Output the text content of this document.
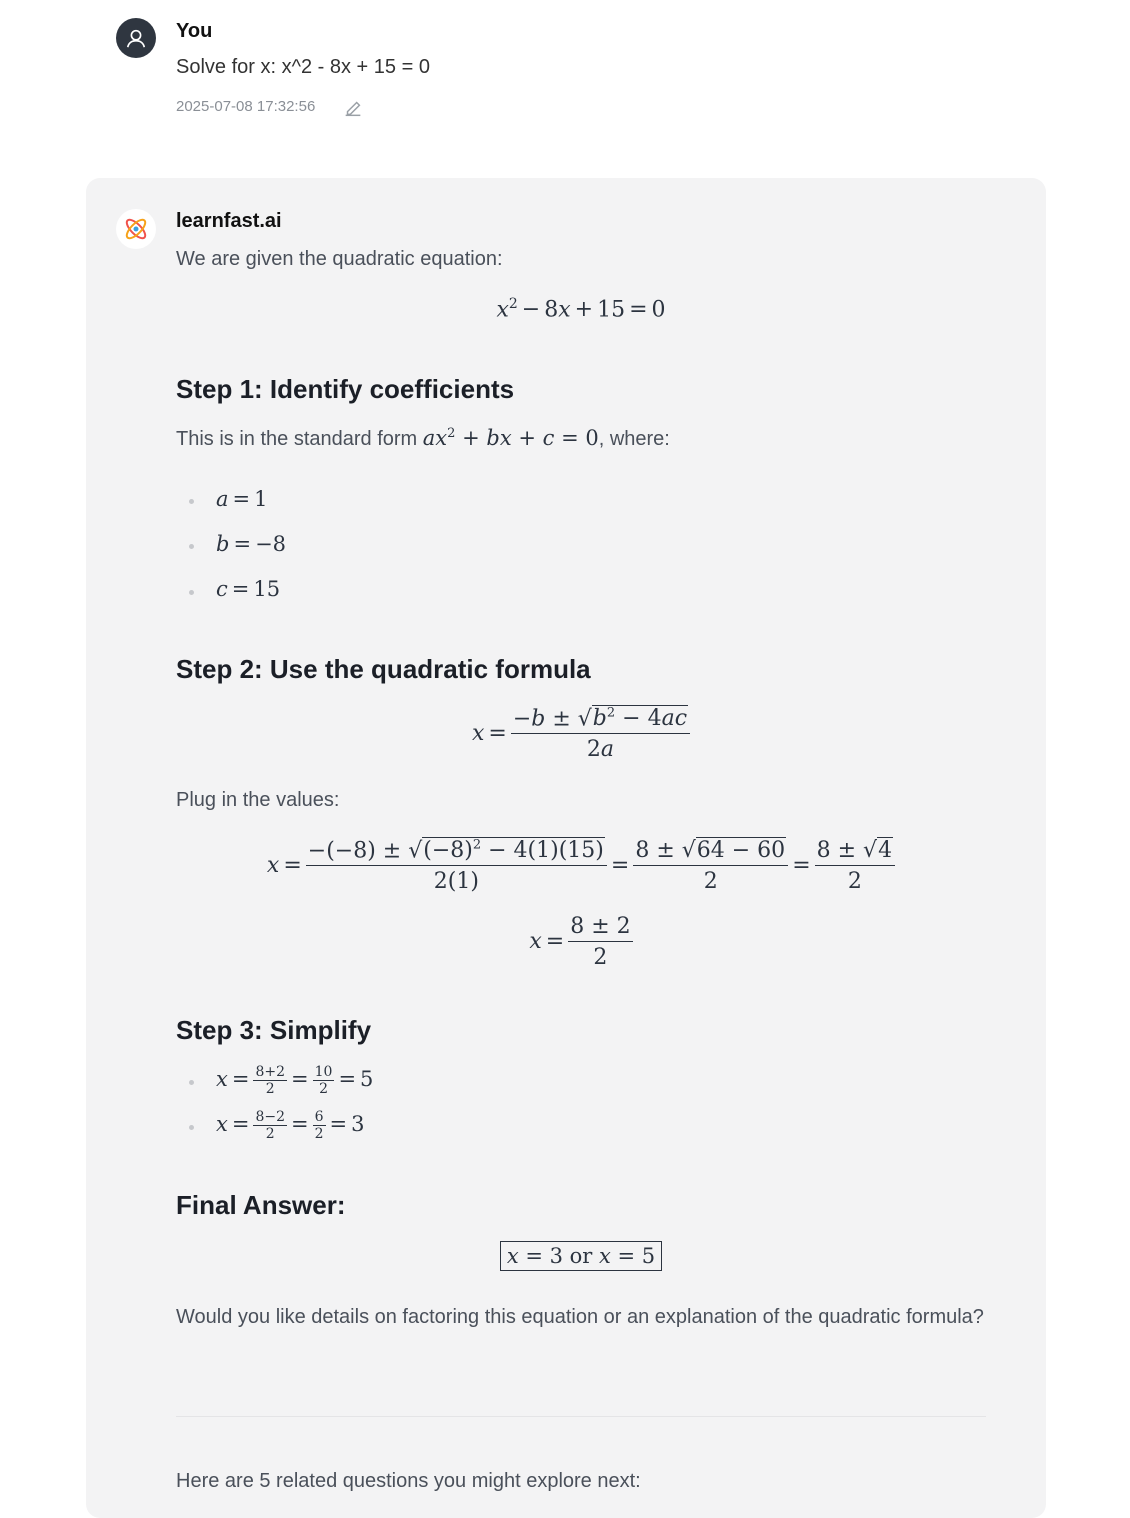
You
Solve for x: x^2 - 8x + 15 = 0
2025-07-08 17:32:56
learnfast.ai
We are given the quadratic equation:
$x^2 - 8x + 15 = 0$
Step 1: Identify coefficients
This is in the standard form $ax^2$ + bx + c = 0, where:
a = 1
b = −8
c = 15
Step 2: Use the quadratic formula
$x = \frac{-b \pm √b^2 - 4ac}{2a}$
Plug in the values:
$x = \frac{-(-8) \pm √(-8)^2 - 4(1)(15)}{2(1)} = \frac{8 \pm √64 - 60}{2} = \frac{8 \pm √4}{2}$
$x = \frac{8 \pm 2}{2}$
Step 3: Simplify
$x = \frac{8+2}{2} = \frac{10}{2} = 5$
$x = \frac{8-2}{2} = \frac{6}{2} = 3$
Final Answer:
x = 3 or x = 5
Would you like details on factoring this equation or an explanation of the quadratic formula?
Here are 5 related questions you might explore next:
